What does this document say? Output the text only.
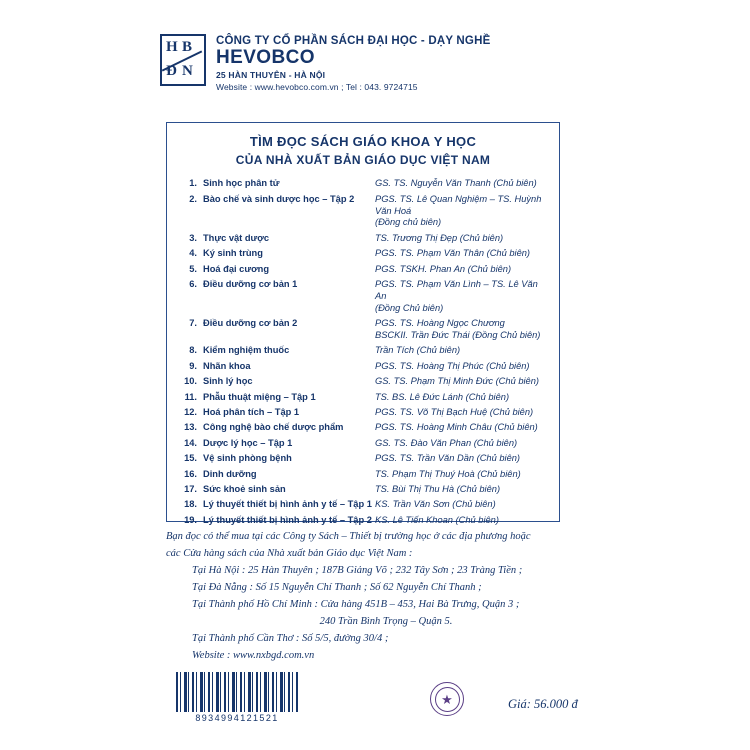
H B
Ð N
CÔNG TY CỔ PHẦN SÁCH ĐẠI HỌC - DẠY NGHỀ
HEVOBCO
25 HÀN THUYÊN - HÀ NỘI
Website : www.hevobco.com.vn ; Tel : 043. 9724715
TÌM ĐỌC SÁCH GIÁO KHOA Y HỌC
CỦA NHÀ XUẤT BẢN GIÁO DỤC VIỆT NAM
1. Sinh học phân tử	GS. TS. Nguyễn Văn Thanh (Chủ biên)
2. Bào chế và sinh dược học – Tập 2	PGS. TS. Lê Quan Nghiệm – TS. Huỳnh Văn Hoá
(Đồng chủ biên)
3. Thực vật dược	TS. Trương Thị Đẹp (Chủ biên)
4. Ký sinh trùng	PGS. TS. Phạm Văn Thân (Chủ biên)
5. Hoá đại cương	PGS. TSKH. Phan An (Chủ biên)
6. Điều dưỡng cơ bản 1	PGS. TS. Phạm Văn Lình – TS. Lê Văn An
(Đồng Chủ biên)
7. Điều dưỡng cơ bản 2	PGS. TS. Hoàng Ngọc Chương
BSCKII. Trần Đức Thái (Đồng Chủ biên)
8. Kiểm nghiệm thuốc	Trần Tích (Chủ biên)
9. Nhãn khoa	PGS. TS. Hoàng Thị Phúc (Chủ biên)
10. Sinh lý học	GS. TS. Phạm Thị Minh Đức (Chủ biên)
11. Phẫu thuật miệng – Tập 1	TS. BS. Lê Đức Lánh (Chủ biên)
12. Hoá phân tích – Tập 1	PGS. TS. Võ Thị Bạch Huệ (Chủ biên)
13. Công nghệ bào chế dược phẩm	PGS. TS. Hoàng Minh Châu (Chủ biên)
14. Dược lý học – Tập 1	GS. TS. Đào Văn Phan (Chủ biên)
15. Vệ sinh phòng bệnh	PGS. TS. Trần Văn Dần (Chủ biên)
16. Dinh dưỡng	TS. Phạm Thị Thuý Hoà (Chủ biên)
17. Sức khoẻ sinh sản	TS. Bùi Thị Thu Hà (Chủ biên)
18. Lý thuyết thiết bị hình ảnh y tế – Tập 1 KS. Trần Văn Sơn (Chủ biên)
19. Lý thuyết thiết bị hình ảnh y tế – Tập 2 KS. Lê Tiến Khoan (Chủ biên)
Bạn đọc có thể mua tại các Công ty Sách – Thiết bị trường học ở các địa phương hoặc
các Cửa hàng sách của Nhà xuất bản Giáo dục Việt Nam :
Tại Hà Nội : 25 Hàn Thuyên ; 187B Giảng Võ ; 232 Tây Sơn ; 23 Tràng Tiền ;
Tại Đà Nẵng : Số 15 Nguyễn Chí Thanh ; Số 62 Nguyễn Chí Thanh ;
Tại Thành phố Hồ Chí Minh : Cửa hàng 451B – 453, Hai Bà Trưng, Quận 3 ;
240 Trần Bình Trọng – Quận 5.
Tại Thành phố Cần Thơ : Số 5/5, đường 30/4 ;
Website : www.nxbgd.com.vn
8934994121521
★	Giá: 56.000 đ
